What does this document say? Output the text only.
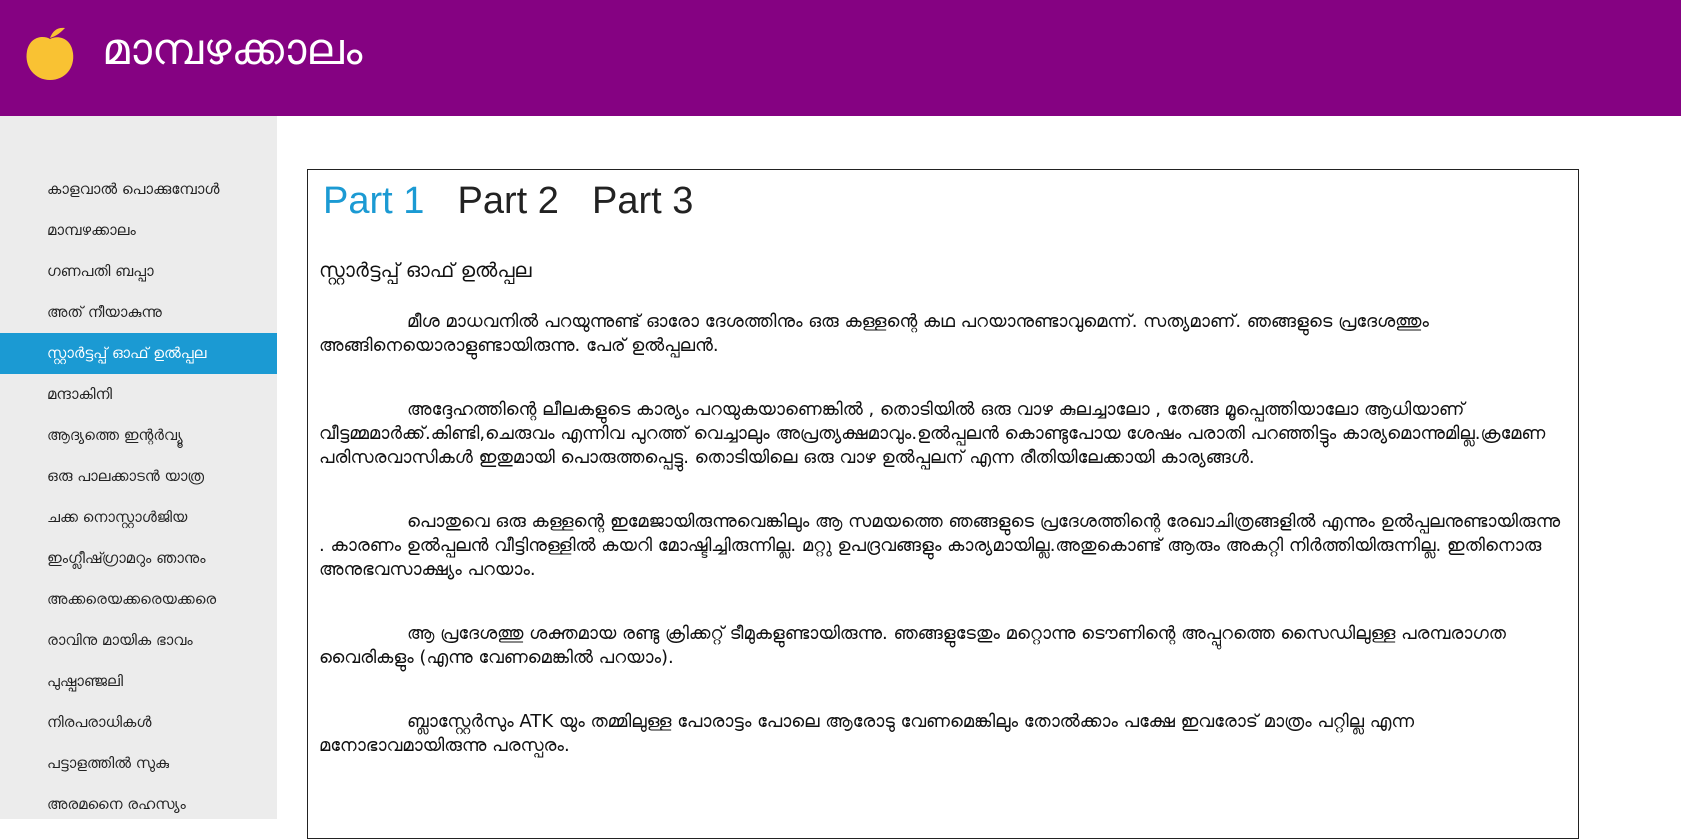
മാമ്പഴക്കാലം
കാളവാൽ പൊക്കുമ്പോൾ
മാമ്പഴക്കാലം
ഗണപതി ബപ്പാ
അത് നീയാകുന്നു
സ്റ്റാർട്ടപ്പ് ഓഫ് ഉൽപ്പല
മന്ദാകിനി
ആദ്യത്തെ ഇന്റർവ്യൂ
ഒരു പാലക്കാടൻ യാത്ര
ചക്ക നൊസ്റ്റാൾജിയ
ഇംഗ്ലീഷ്ഗ്രാമറും ഞാനും
അക്കരെയക്കരെയക്കരെ
രാവിനു മായിക ഭാവം
പുഷ്പാഞ്ജലി
നിരപരാധികൾ
പട്ടാളത്തിൽ സുകു
അരമനൈ രഹസ്യം
Part 1 Part 2 Part 3
സ്റ്റാർട്ടപ്പ് ഓഫ് ഉൽപ്പല

മീശ മാധവനിൽ പറയുന്നുണ്ട് ഓരോ ദേശത്തിനും ഒരു കള്ളന്റെ കഥ പറയാനുണ്ടാവുമെന്ന്. സത്യമാണ്. ഞങ്ങളുടെ പ്രദേശത്തും അങ്ങിനെയൊരാളുണ്ടായിരുന്നു. പേര് ഉൽപ്പലൻ.

അദ്ദേഹത്തിന്റെ ലീലകളുടെ കാര്യം പറയുകയാണെങ്കിൽ , തൊടിയിൽ ഒരു വാഴ കുലച്ചാലോ , തേങ്ങ മൂപ്പെത്തിയാലോ ആധിയാണ് വീട്ടമ്മമാർക്ക്.കിണ്ടി,ചെരുവം എന്നിവ പുറത്ത് വെച്ചാലും അപ്രത്യക്ഷമാവും.ഉൽപ്പലൻ കൊണ്ടുപോയ ശേഷം പരാതി പറഞ്ഞിട്ടും കാര്യമൊന്നുമില്ല.ക്രമേണ പരിസരവാസികൾ ഇതുമായി പൊരുത്തപ്പെട്ടു. തൊടിയിലെ ഒരു വാഴ ഉൽപ്പലന് എന്ന രീതിയിലേക്കായി കാര്യങ്ങൾ.

പൊതുവെ ഒരു കള്ളന്റെ ഇമേജായിരുന്നുവെങ്കിലും ആ സമയത്തെ ഞങ്ങളുടെ പ്രദേശത്തിന്റെ രേഖാചിത്രങ്ങളിൽ എന്നും ഉൽപ്പലനുണ്ടായിരുന്നു . കാരണം ഉൽപ്പലൻ വീട്ടിനുള്ളിൽ കയറി മോഷ്ടിച്ചിരുന്നില്ല. മറ്റു ഉപദ്രവങ്ങളും കാര്യമായില്ല.അതുകൊണ്ട് ആരും അകറ്റി നിർത്തിയിരുന്നില്ല. ഇതിനൊരു അനുഭവസാക്ഷ്യം പറയാം.

ആ പ്രദേശത്തു ശക്തമായ രണ്ടു ക്രിക്കറ്റ് ടീമുകളുണ്ടായിരുന്നു. ഞങ്ങളുടേതും മറ്റൊന്നു ടൌണിന്റെ അപ്പുറത്തെ സൈഡിലുള്ള പരമ്പരാഗത വൈരികളും (എന്നു വേണമെങ്കിൽ പറയാം).

ബ്ലാസ്റ്റേർസും ATK യും തമ്മിലുള്ള പോരാട്ടം പോലെ ആരോടു വേണമെങ്കിലും തോൽക്കാം പക്ഷേ ഇവരോട് മാത്രം പറ്റില്ല എന്ന മനോഭാവമായിരുന്നു പരസ്പരം.
